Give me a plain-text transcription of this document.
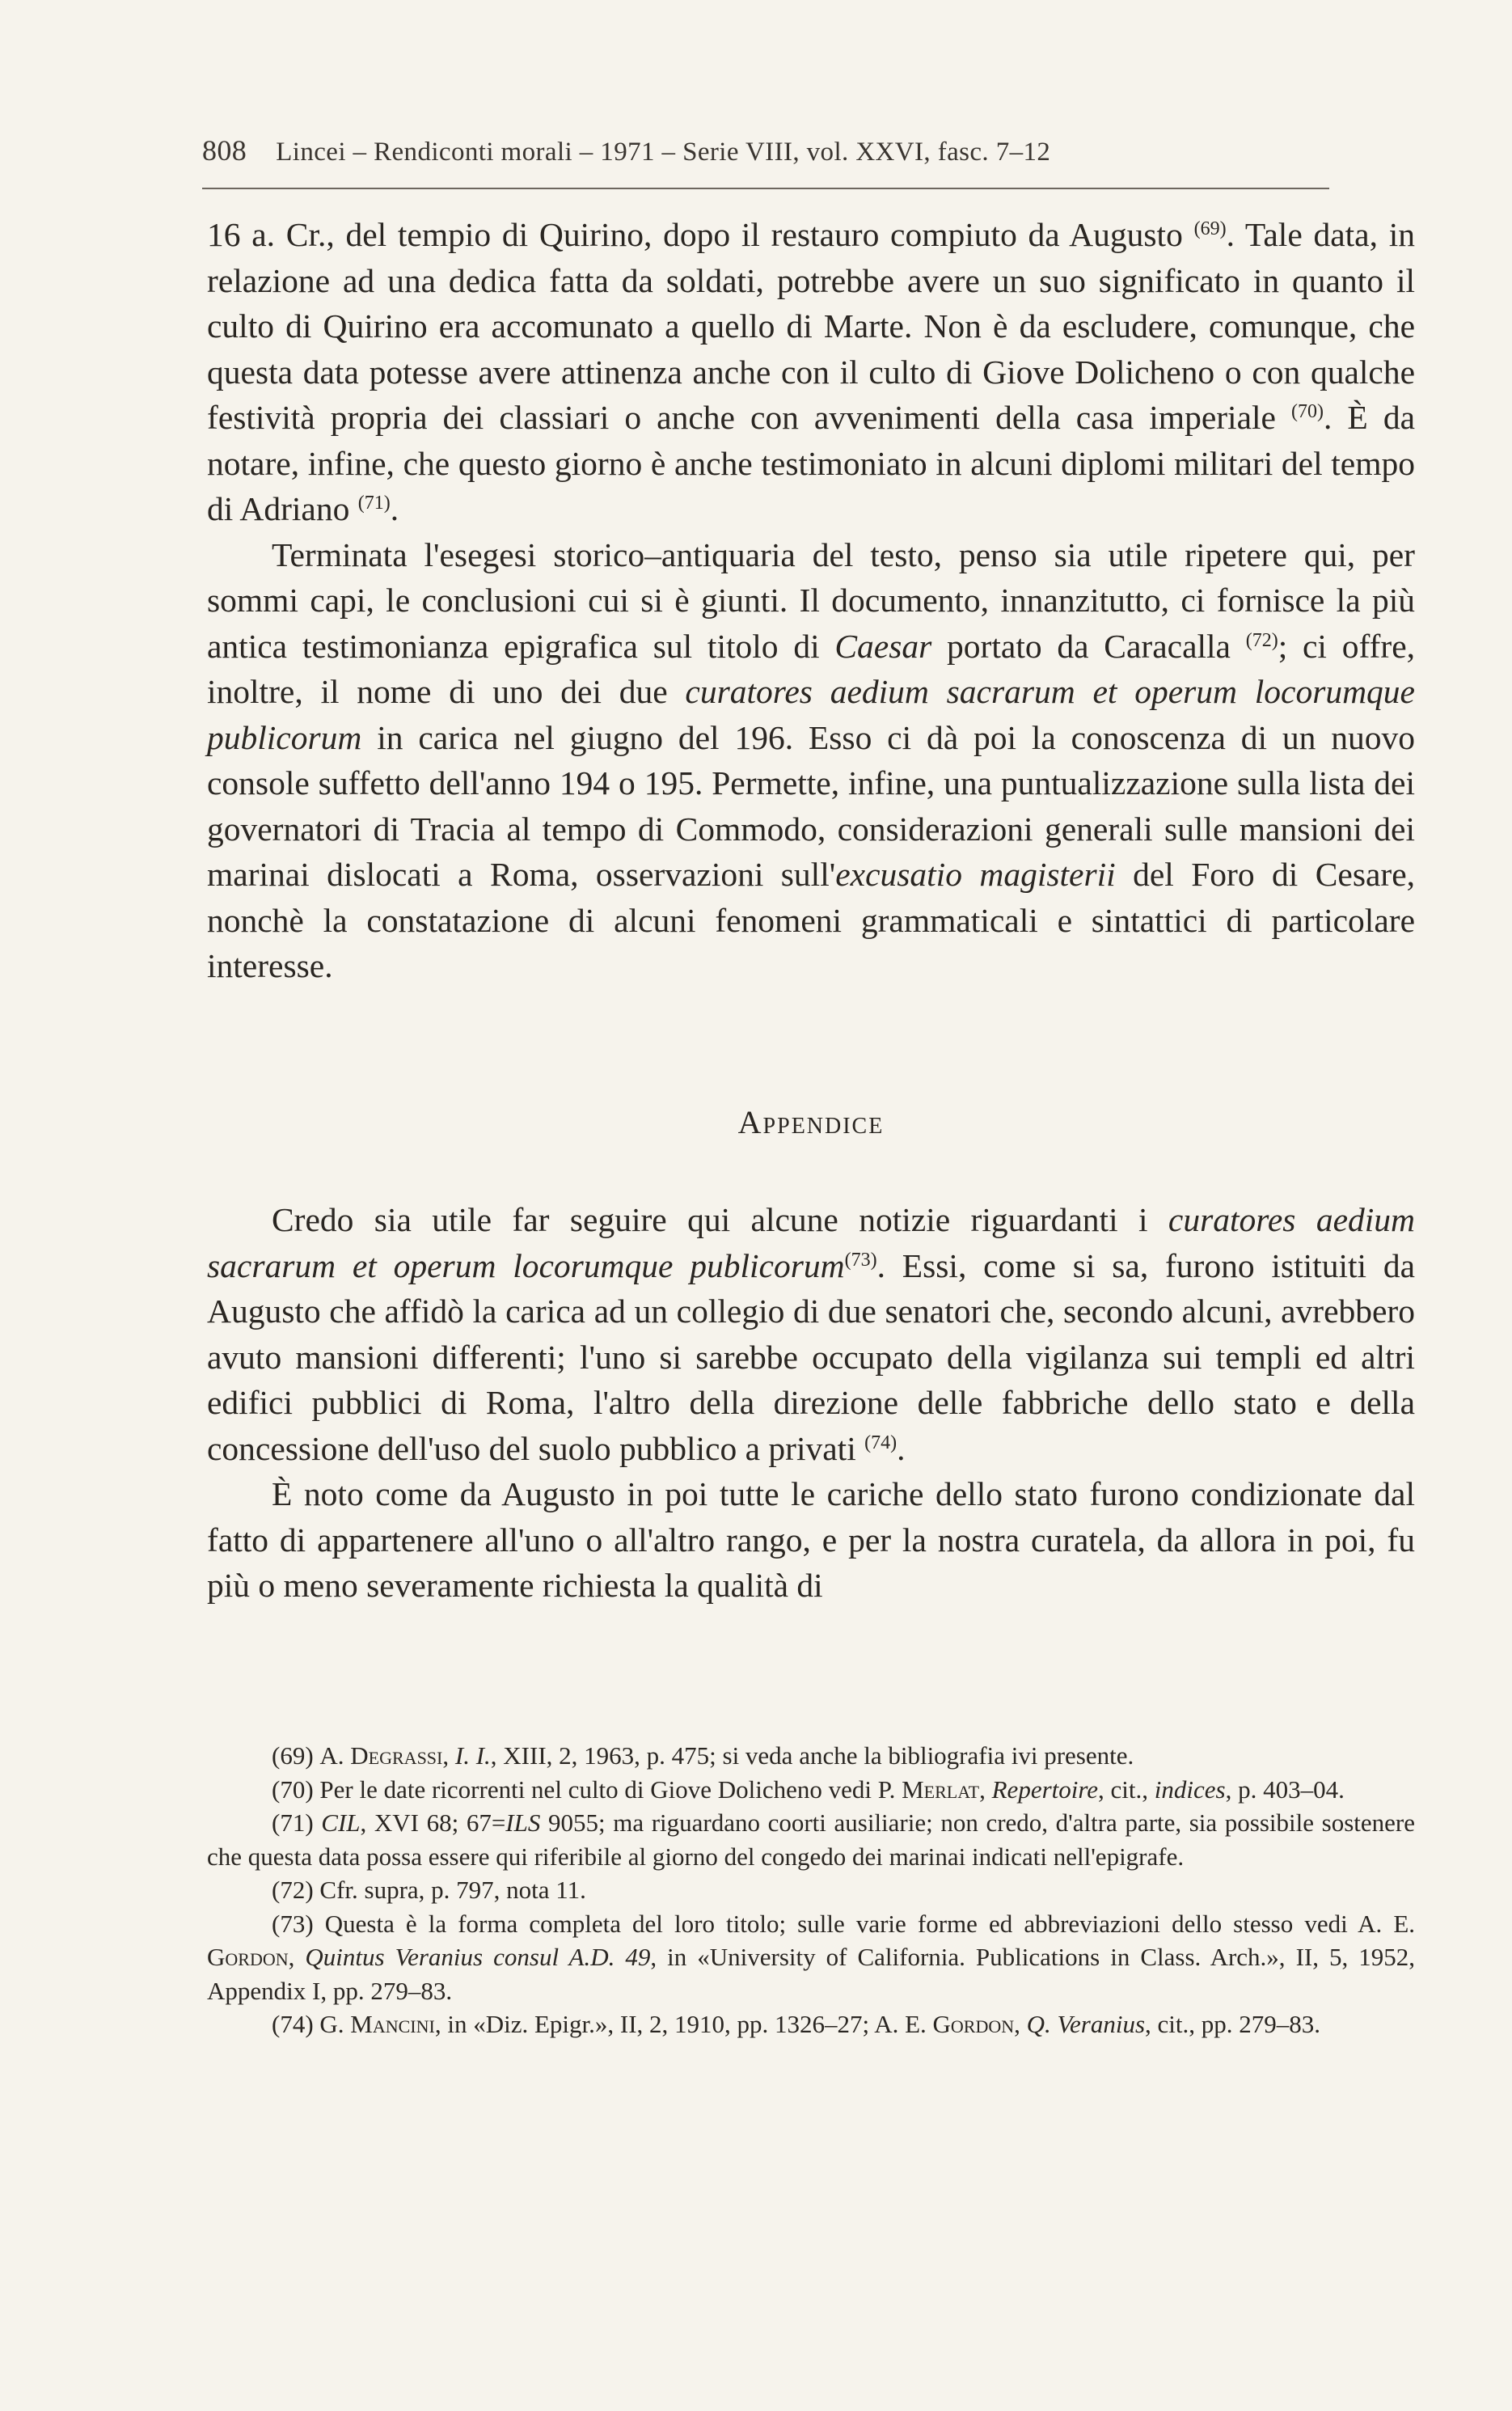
808 Lincei – Rendiconti morali – 1971 – Serie VIII, vol. XXVI, fasc. 7–12

16 a. Cr., del tempio di Quirino, dopo il restauro compiuto da Augusto $^{(69)}$. Tale data, in relazione ad una dedica fatta da soldati, potrebbe avere un suo significato in quanto il culto di Quirino era accomunato a quello di Marte. Non è da escludere, comunque, che questa data potesse avere attinenza anche con il culto di Giove Dolicheno o con qualche festività propria dei classiari o anche con avvenimenti della casa imperiale $^{(70)}$. È da notare, infine, che questo giorno è anche testimoniato in alcuni diplomi militari del tempo di Adriano $^{(71)}$.

Terminata l'esegesi storico–antiquaria del testo, penso sia utile ripetere qui, per sommi capi, le conclusioni cui si è giunti. Il documento, innanzitutto, ci fornisce la più antica testimonianza epigrafica sul titolo di Caesar portato da Caracalla $^{(72)}$; ci offre, inoltre, il nome di uno dei due curatores aedium sacrarum et operum locorumque publicorum in carica nel giugno del 196. Esso ci dà poi la conoscenza di un nuovo console suffetto dell'anno 194 o 195. Permette, infine, una puntualizzazione sulla lista dei governatori di Tracia al tempo di Commodo, considerazioni generali sulle mansioni dei marinai dislocati a Roma, osservazioni sull'excusatio magisterii del Foro di Cesare, nonchè la constatazione di alcuni fenomeni grammaticali e sintattici di particolare interesse.

Appendice

Credo sia utile far seguire qui alcune notizie riguardanti i curatores aedium sacrarum et operum locorumque publicorum$^{(73)}$. Essi, come si sa, furono istituiti da Augusto che affidò la carica ad un collegio di due senatori che, secondo alcuni, avrebbero avuto mansioni differenti; l'uno si sarebbe occupato della vigilanza sui templi ed altri edifici pubblici di Roma, l'altro della direzione delle fabbriche dello stato e della concessione dell'uso del suolo pubblico a privati $^{(74)}$.

È noto come da Augusto in poi tutte le cariche dello stato furono condizionate dal fatto di appartenere all'uno o all'altro rango, e per la nostra curatela, da allora in poi, fu più o meno severamente richiesta la qualità di

(69) A. Degrassi, I. I., XIII, 2, 1963, p. 475; si veda anche la bibliografia ivi presente.

(70) Per le date ricorrenti nel culto di Giove Dolicheno vedi P. Merlat, Repertoire, cit., indices, p. 403–04.

(71) CIL, XVI 68; 67=ILS 9055; ma riguardano coorti ausiliarie; non credo, d'altra parte, sia possibile sostenere che questa data possa essere qui riferibile al giorno del congedo dei marinai indicati nell'epigrafe.

(72) Cfr. supra, p. 797, nota 11.

(73) Questa è la forma completa del loro titolo; sulle varie forme ed abbreviazioni dello stesso vedi A. E. Gordon, Quintus Veranius consul A.D. 49, in «University of California. Publications in Class. Arch.», II, 5, 1952, Appendix I, pp. 279–83.

(74) G. Mancini, in «Diz. Epigr.», II, 2, 1910, pp. 1326–27; A. E. Gordon, Q. Veranius, cit., pp. 279–83.
